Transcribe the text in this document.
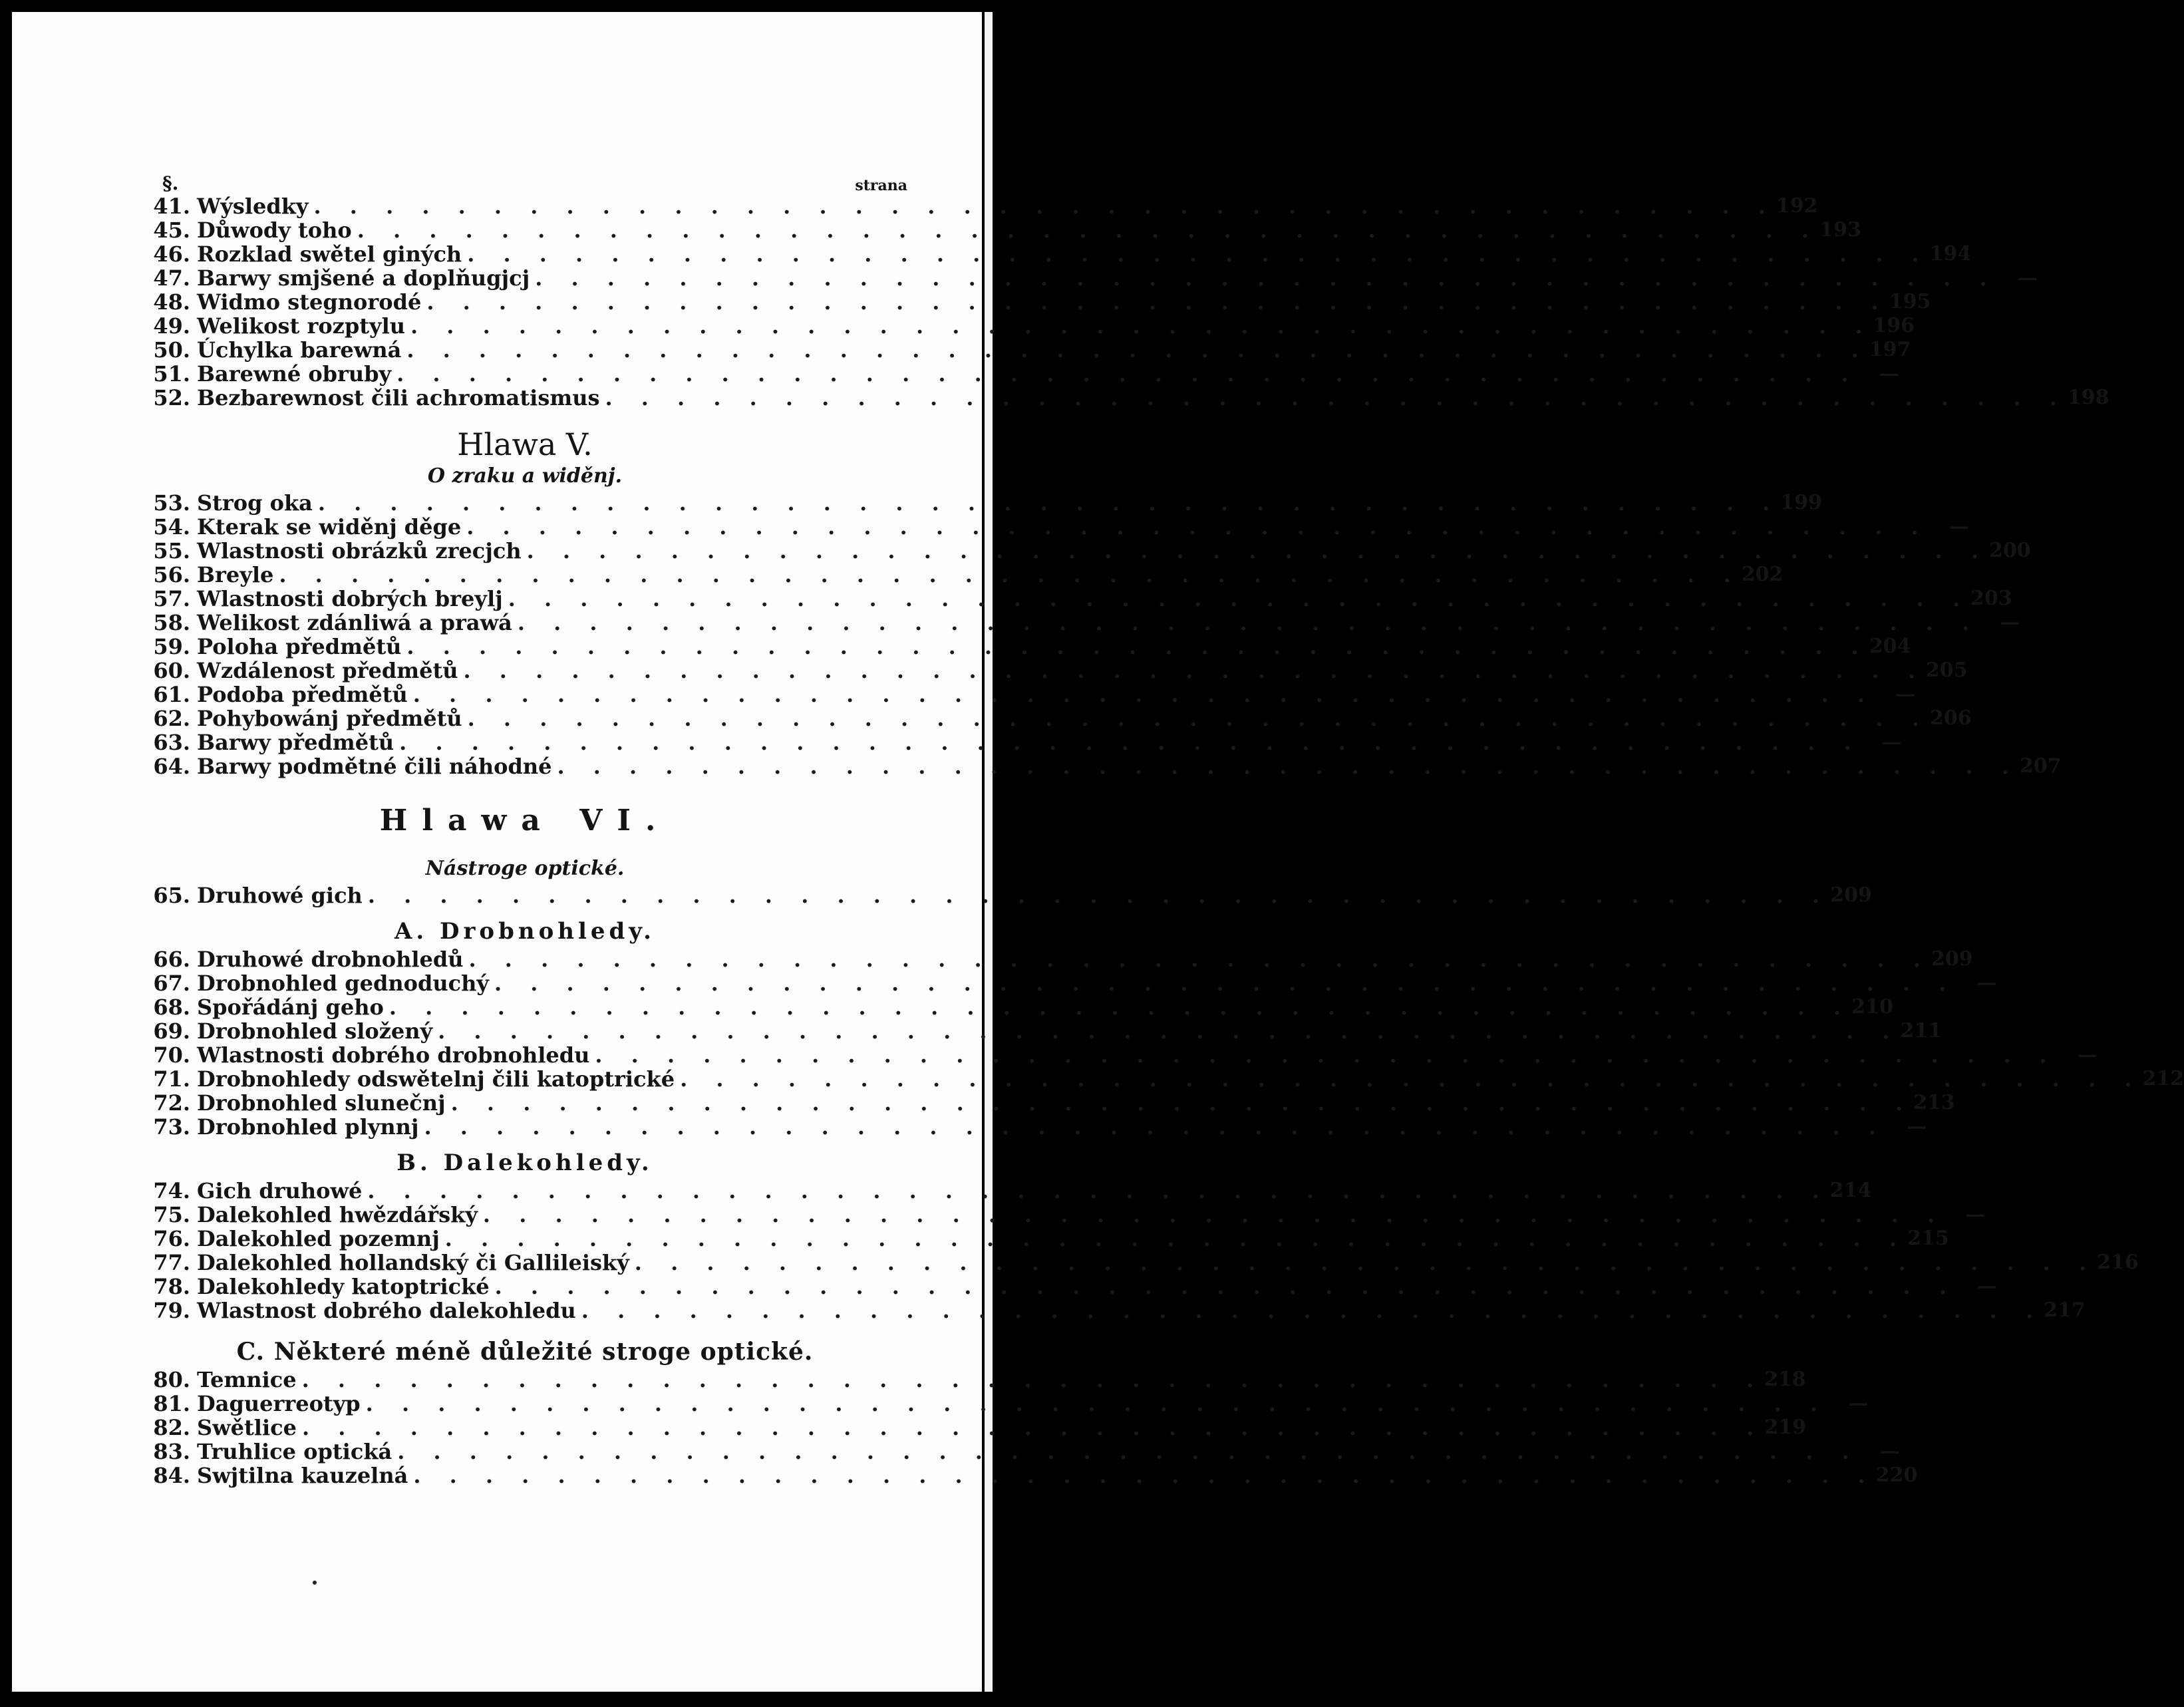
§.	strana
41. Wýsledky . . . . . . . . . . . . . . . . . . . . . . . . . . . . . . . . . . . . . . . . . 192
45. Důwody toho . . . . . . . . . . . . . . . . . . . . . . . . . . . . . . . . . . . . . . . . . 193
46. Rozklad swětel giných . . . . . . . . . . . . . . . . . . . . . . . . . . . . . . . . . . . . . . . . . 194
47. Barwy smjšené a doplňugjcj . . . . . . . . . . . . . . . . . . . . . . . . . . . . . . . . . . . . . . . . .	—
48. Widmo stegnorodé . . . . . . . . . . . . . . . . . . . . . . . . . . . . . . . . . . . . . . . . . 195
49. Welikost rozptylu . . . . . . . . . . . . . . . . . . . . . . . . . . . . . . . . . . . . . . . . . 196
50. Úchylka barewná . . . . . . . . . . . . . . . . . . . . . . . . . . . . . . . . . . . . . . . . . 197
51. Barewné obruby . . . . . . . . . . . . . . . . . . . . . . . . . . . . . . . . . . . . . . . . .	—
52. Bezbarewnost čili achromatismus . . . . . . . . . . . . . . . . . . . . . . . . . . . . . . . . . . . . . . . . . 198
Hlawa V.
O zraku a widěnj.
53. Strog oka . . . . . . . . . . . . . . . . . . . . . . . . . . . . . . . . . . . . . . . . . 199
54. Kterak se widěnj děge . . . . . . . . . . . . . . . . . . . . . . . . . . . . . . . . . . . . . . . . .	—
55. Wlastnosti obrázků zrecjch . . . . . . . . . . . . . . . . . . . . . . . . . . . . . . . . . . . . . . . . . 200
56. Breyle . . . . . . . . . . . . . . . . . . . . . . . . . . . . . . . . . . . . . . . . . 202
57. Wlastnosti dobrých breylj . . . . . . . . . . . . . . . . . . . . . . . . . . . . . . . . . . . . . . . . . 203
58. Welikost zdánliwá a prawá . . . . . . . . . . . . . . . . . . . . . . . . . . . . . . . . . . . . . . . . .	—
59. Poloha předmětů . . . . . . . . . . . . . . . . . . . . . . . . . . . . . . . . . . . . . . . . . 204
60. Wzdálenost předmětů . . . . . . . . . . . . . . . . . . . . . . . . . . . . . . . . . . . . . . . . . 205
61. Podoba předmětů . . . . . . . . . . . . . . . . . . . . . . . . . . . . . . . . . . . . . . . . .	—
62. Pohybowánj předmětů . . . . . . . . . . . . . . . . . . . . . . . . . . . . . . . . . . . . . . . . . 206
63. Barwy předmětů . . . . . . . . . . . . . . . . . . . . . . . . . . . . . . . . . . . . . . . . .	—
64. Barwy podmětné čili náhodné . . . . . . . . . . . . . . . . . . . . . . . . . . . . . . . . . . . . . . . . . 207
Hlawa VI.
Nástroge optické.
65. Druhowé gich . . . . . . . . . . . . . . . . . . . . . . . . . . . . . . . . . . . . . . . . . 209
A. Drobnohledy.
66. Druhowé drobnohledů . . . . . . . . . . . . . . . . . . . . . . . . . . . . . . . . . . . . . . . . . 209
67. Drobnohled gednoduchý . . . . . . . . . . . . . . . . . . . . . . . . . . . . . . . . . . . . . . . . .	—
68. Spořádánj geho . . . . . . . . . . . . . . . . . . . . . . . . . . . . . . . . . . . . . . . . . 210
69. Drobnohled složený . . . . . . . . . . . . . . . . . . . . . . . . . . . . . . . . . . . . . . . . . 211
70. Wlastnosti dobrého drobnohledu . . . . . . . . . . . . . . . . . . . . . . . . . . . . . . . . . . . . . . . . .	—
71. Drobnohledy odswětelnj čili katoptrické . . . . . . . . . . . . . . . . . . . . . . . . . . . . . . . . . . . . . . . . . 212
72. Drobnohled slunečnj . . . . . . . . . . . . . . . . . . . . . . . . . . . . . . . . . . . . . . . . . 213
73. Drobnohled plynnj . . . . . . . . . . . . . . . . . . . . . . . . . . . . . . . . . . . . . . . . .	—
B. Dalekohledy.
74. Gich druhowé . . . . . . . . . . . . . . . . . . . . . . . . . . . . . . . . . . . . . . . . . 214
75. Dalekohled hwězdářský . . . . . . . . . . . . . . . . . . . . . . . . . . . . . . . . . . . . . . . . .	—
76. Dalekohled pozemnj . . . . . . . . . . . . . . . . . . . . . . . . . . . . . . . . . . . . . . . . . 215
77. Dalekohled hollandský či Gallileiský . . . . . . . . . . . . . . . . . . . . . . . . . . . . . . . . . . . . . . . . . 216
78. Dalekohledy katoptrické . . . . . . . . . . . . . . . . . . . . . . . . . . . . . . . . . . . . . . . . .	—
79. Wlastnost dobrého dalekohledu . . . . . . . . . . . . . . . . . . . . . . . . . . . . . . . . . . . . . . . . . 217
C. Některé méně důležité stroge optické.
80. Temnice . . . . . . . . . . . . . . . . . . . . . . . . . . . . . . . . . . . . . . . . . 218
81. Daguerreotyp . . . . . . . . . . . . . . . . . . . . . . . . . . . . . . . . . . . . . . . . .	—
82. Swětlice . . . . . . . . . . . . . . . . . . . . . . . . . . . . . . . . . . . . . . . . . 219
83. Truhlice optická . . . . . . . . . . . . . . . . . . . . . . . . . . . . . . . . . . . . . . . . .	—
84. Swjtilna kauzelná . . . . . . . . . . . . . . . . . . . . . . . . . . . . . . . . . . . . . . . . . 220
